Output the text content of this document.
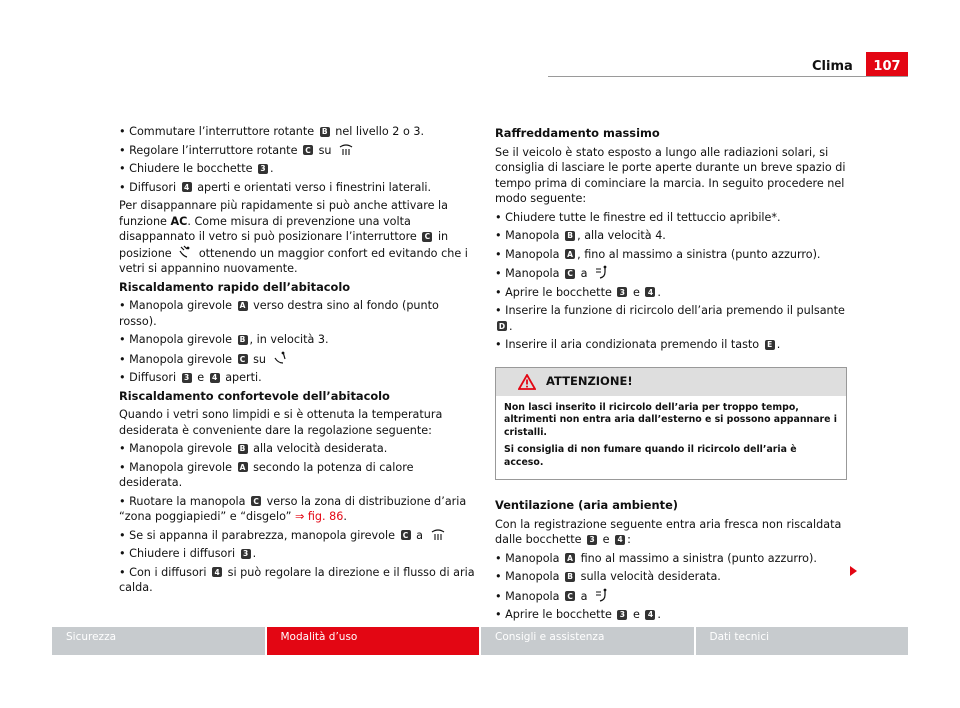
Clima	107

• Commutare l’interruttore rotante B nel livello 2 o 3.

• Regolare l’interruttore rotante C su

• Chiudere le bocchette 3 .

• Diffusori 4 aperti e orientati verso i finestrini laterali.

Per disappannare più rapidamente si può anche attivare la funzione AC. Come misura di prevenzione una volta disappannato il vetro si può posizionare l’interruttore C in posizione ottenendo un maggior confort ed evitando che i vetri si appannino nuovamente.

Riscaldamento rapido dell’abitacolo

• Manopola girevole A verso destra sino al fondo (punto rosso).

• Manopola girevole B , in velocità 3.

• Manopola girevole C su

• Diffusori 3 e 4 aperti.

Riscaldamento confortevole dell’abitacolo

Quando i vetri sono limpidi e si è ottenuta la temperatura desiderata è conveniente dare la regolazione seguente:

• Manopola girevole B alla velocità desiderata.

• Manopola girevole A secondo la potenza di calore desiderata.

• Ruotare la manopola C verso la zona di distribuzione d’aria “zona poggiapiedi” e “disgelo” ⇒ fig. 86.

• Se si appanna il parabrezza, manopola girevole C a

• Chiudere i diffusori 3 .

• Con i diffusori 4 si può regolare la direzione e il flusso di aria calda.

Raffreddamento massimo

Se il veicolo è stato esposto a lungo alle radiazioni solari, si consiglia di lasciare le porte aperte durante un breve spazio di tempo prima di cominciare la marcia. In seguito procedere nel modo seguente:

• Chiudere tutte le finestre ed il tettuccio apribile*.

• Manopola B , alla velocità 4.

• Manopola A , fino al massimo a sinistra (punto azzurro).

• Manopola C a

• Aprire le bocchette 3 e 4 .

• Inserire la funzione di ricircolo dell’aria premendo il pulsante D .

• Inserire il aria condizionata premendo il tasto E .

ATTENZIONE!

Non lasci inserito il ricircolo dell’aria per troppo tempo, altrimenti non entra aria dall’esterno e si possono appannare i cristalli.

Si consiglia di non fumare quando il ricircolo dell’aria è acceso.

Ventilazione (aria ambiente)

Con la registrazione seguente entra aria fresca non riscaldata dalle bocchette 3 e 4 :

• Manopola A fino al massimo a sinistra (punto azzurro).

• Manopola B sulla velocità desiderata.

• Manopola C a

• Aprire le bocchette 3 e 4 .

Sicurezza	Modalità d’uso	Consigli e assistenza	Dati tecnici
